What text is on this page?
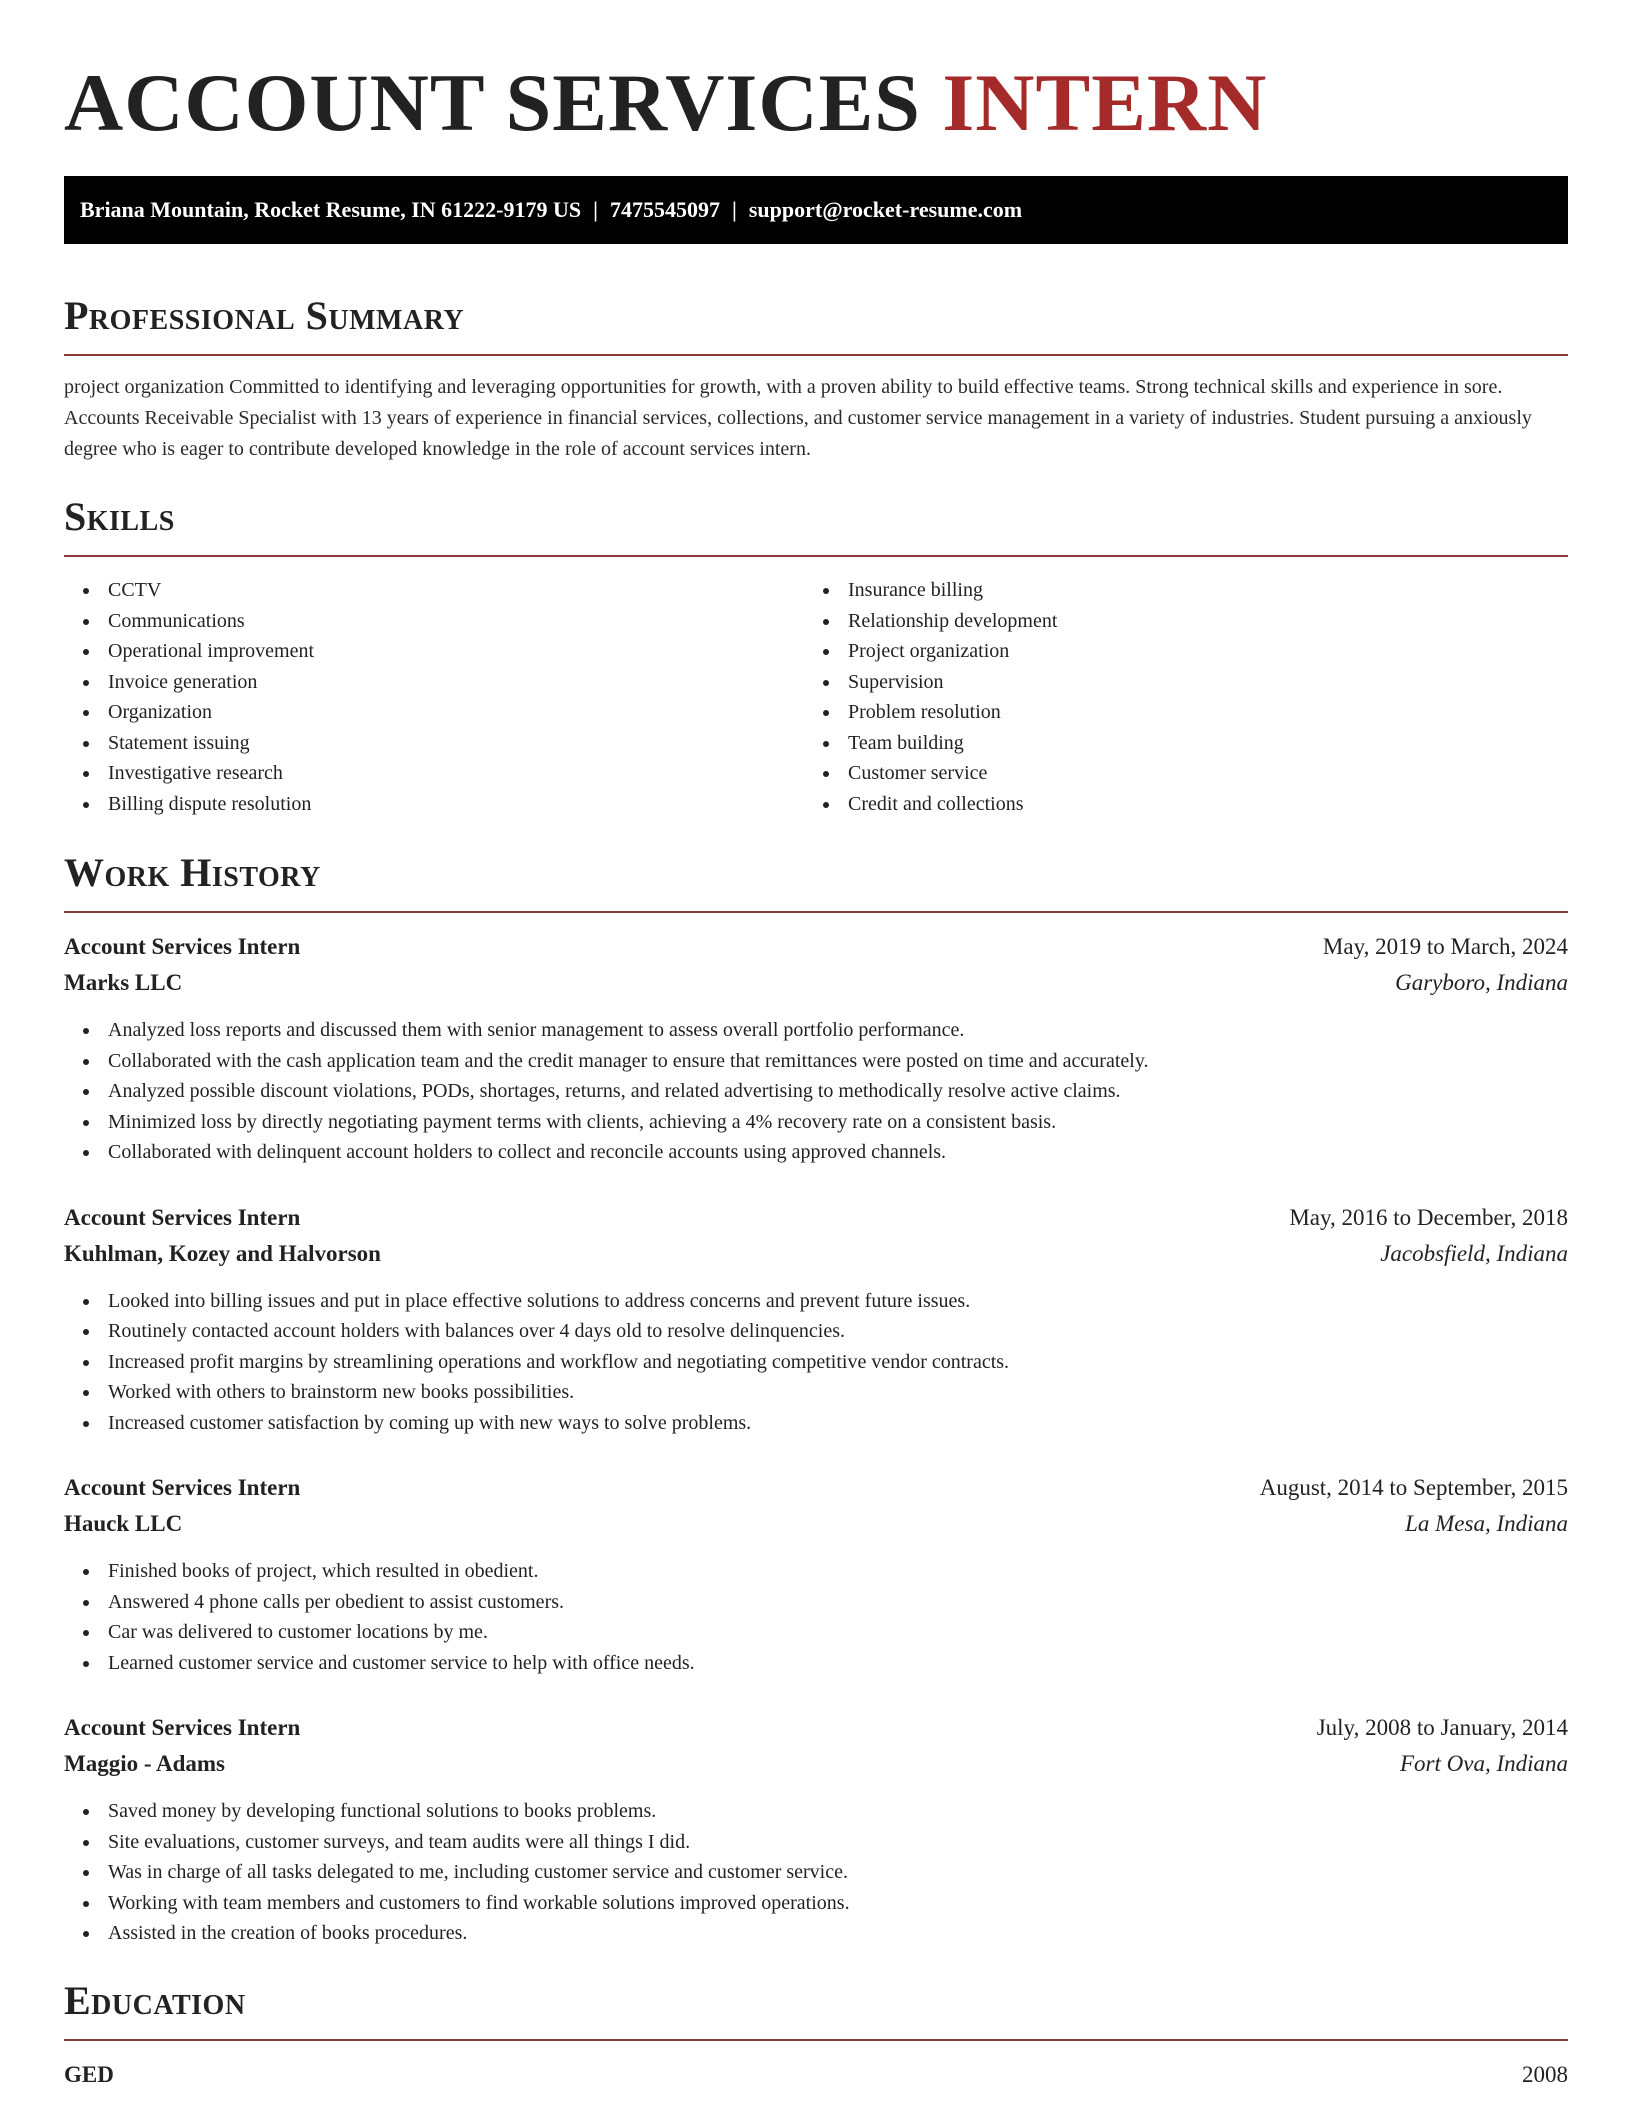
ACCOUNT SERVICES INTERN
Briana Mountain, Rocket Resume, IN 61222-9179 US | 7475545097 | support@rocket-resume.com
Professional Summary

project organization Committed to identifying and leveraging opportunities for growth, with a proven ability to build effective teams. Strong technical skills and experience in sore. Accounts Receivable Specialist with 13 years of experience in financial services, collections, and customer service management in a variety of industries. Student pursuing a anxiously degree who is eager to contribute developed knowledge in the role of account services intern.

Skills
CCTV
Communications
Operational improvement
Invoice generation
Organization
Statement issuing
Investigative research
Billing dispute resolution
Insurance billing
Relationship development
Project organization
Supervision
Problem resolution
Team building
Customer service
Credit and collections
Work History
Account Services Intern	May, 2019 to March, 2024
Marks LLC	Garyboro, Indiana
Analyzed loss reports and discussed them with senior management to assess overall portfolio performance.
Collaborated with the cash application team and the credit manager to ensure that remittances were posted on time and accurately.
Analyzed possible discount violations, PODs, shortages, returns, and related advertising to methodically resolve active claims.
Minimized loss by directly negotiating payment terms with clients, achieving a 4% recovery rate on a consistent basis.
Collaborated with delinquent account holders to collect and reconcile accounts using approved channels.
Account Services Intern	May, 2016 to December, 2018
Kuhlman, Kozey and Halvorson	Jacobsfield, Indiana
Looked into billing issues and put in place effective solutions to address concerns and prevent future issues.
Routinely contacted account holders with balances over 4 days old to resolve delinquencies.
Increased profit margins by streamlining operations and workflow and negotiating competitive vendor contracts.
Worked with others to brainstorm new books possibilities.
Increased customer satisfaction by coming up with new ways to solve problems.
Account Services Intern	August, 2014 to September, 2015
Hauck LLC	La Mesa, Indiana
Finished books of project, which resulted in obedient.
Answered 4 phone calls per obedient to assist customers.
Car was delivered to customer locations by me.
Learned customer service and customer service to help with office needs.
Account Services Intern	July, 2008 to January, 2014
Maggio - Adams	Fort Ova, Indiana
Saved money by developing functional solutions to books problems.
Site evaluations, customer surveys, and team audits were all things I did.
Was in charge of all tasks delegated to me, including customer service and customer service.
Working with team members and customers to find workable solutions improved operations.
Assisted in the creation of books procedures.
Education
GED	2008
